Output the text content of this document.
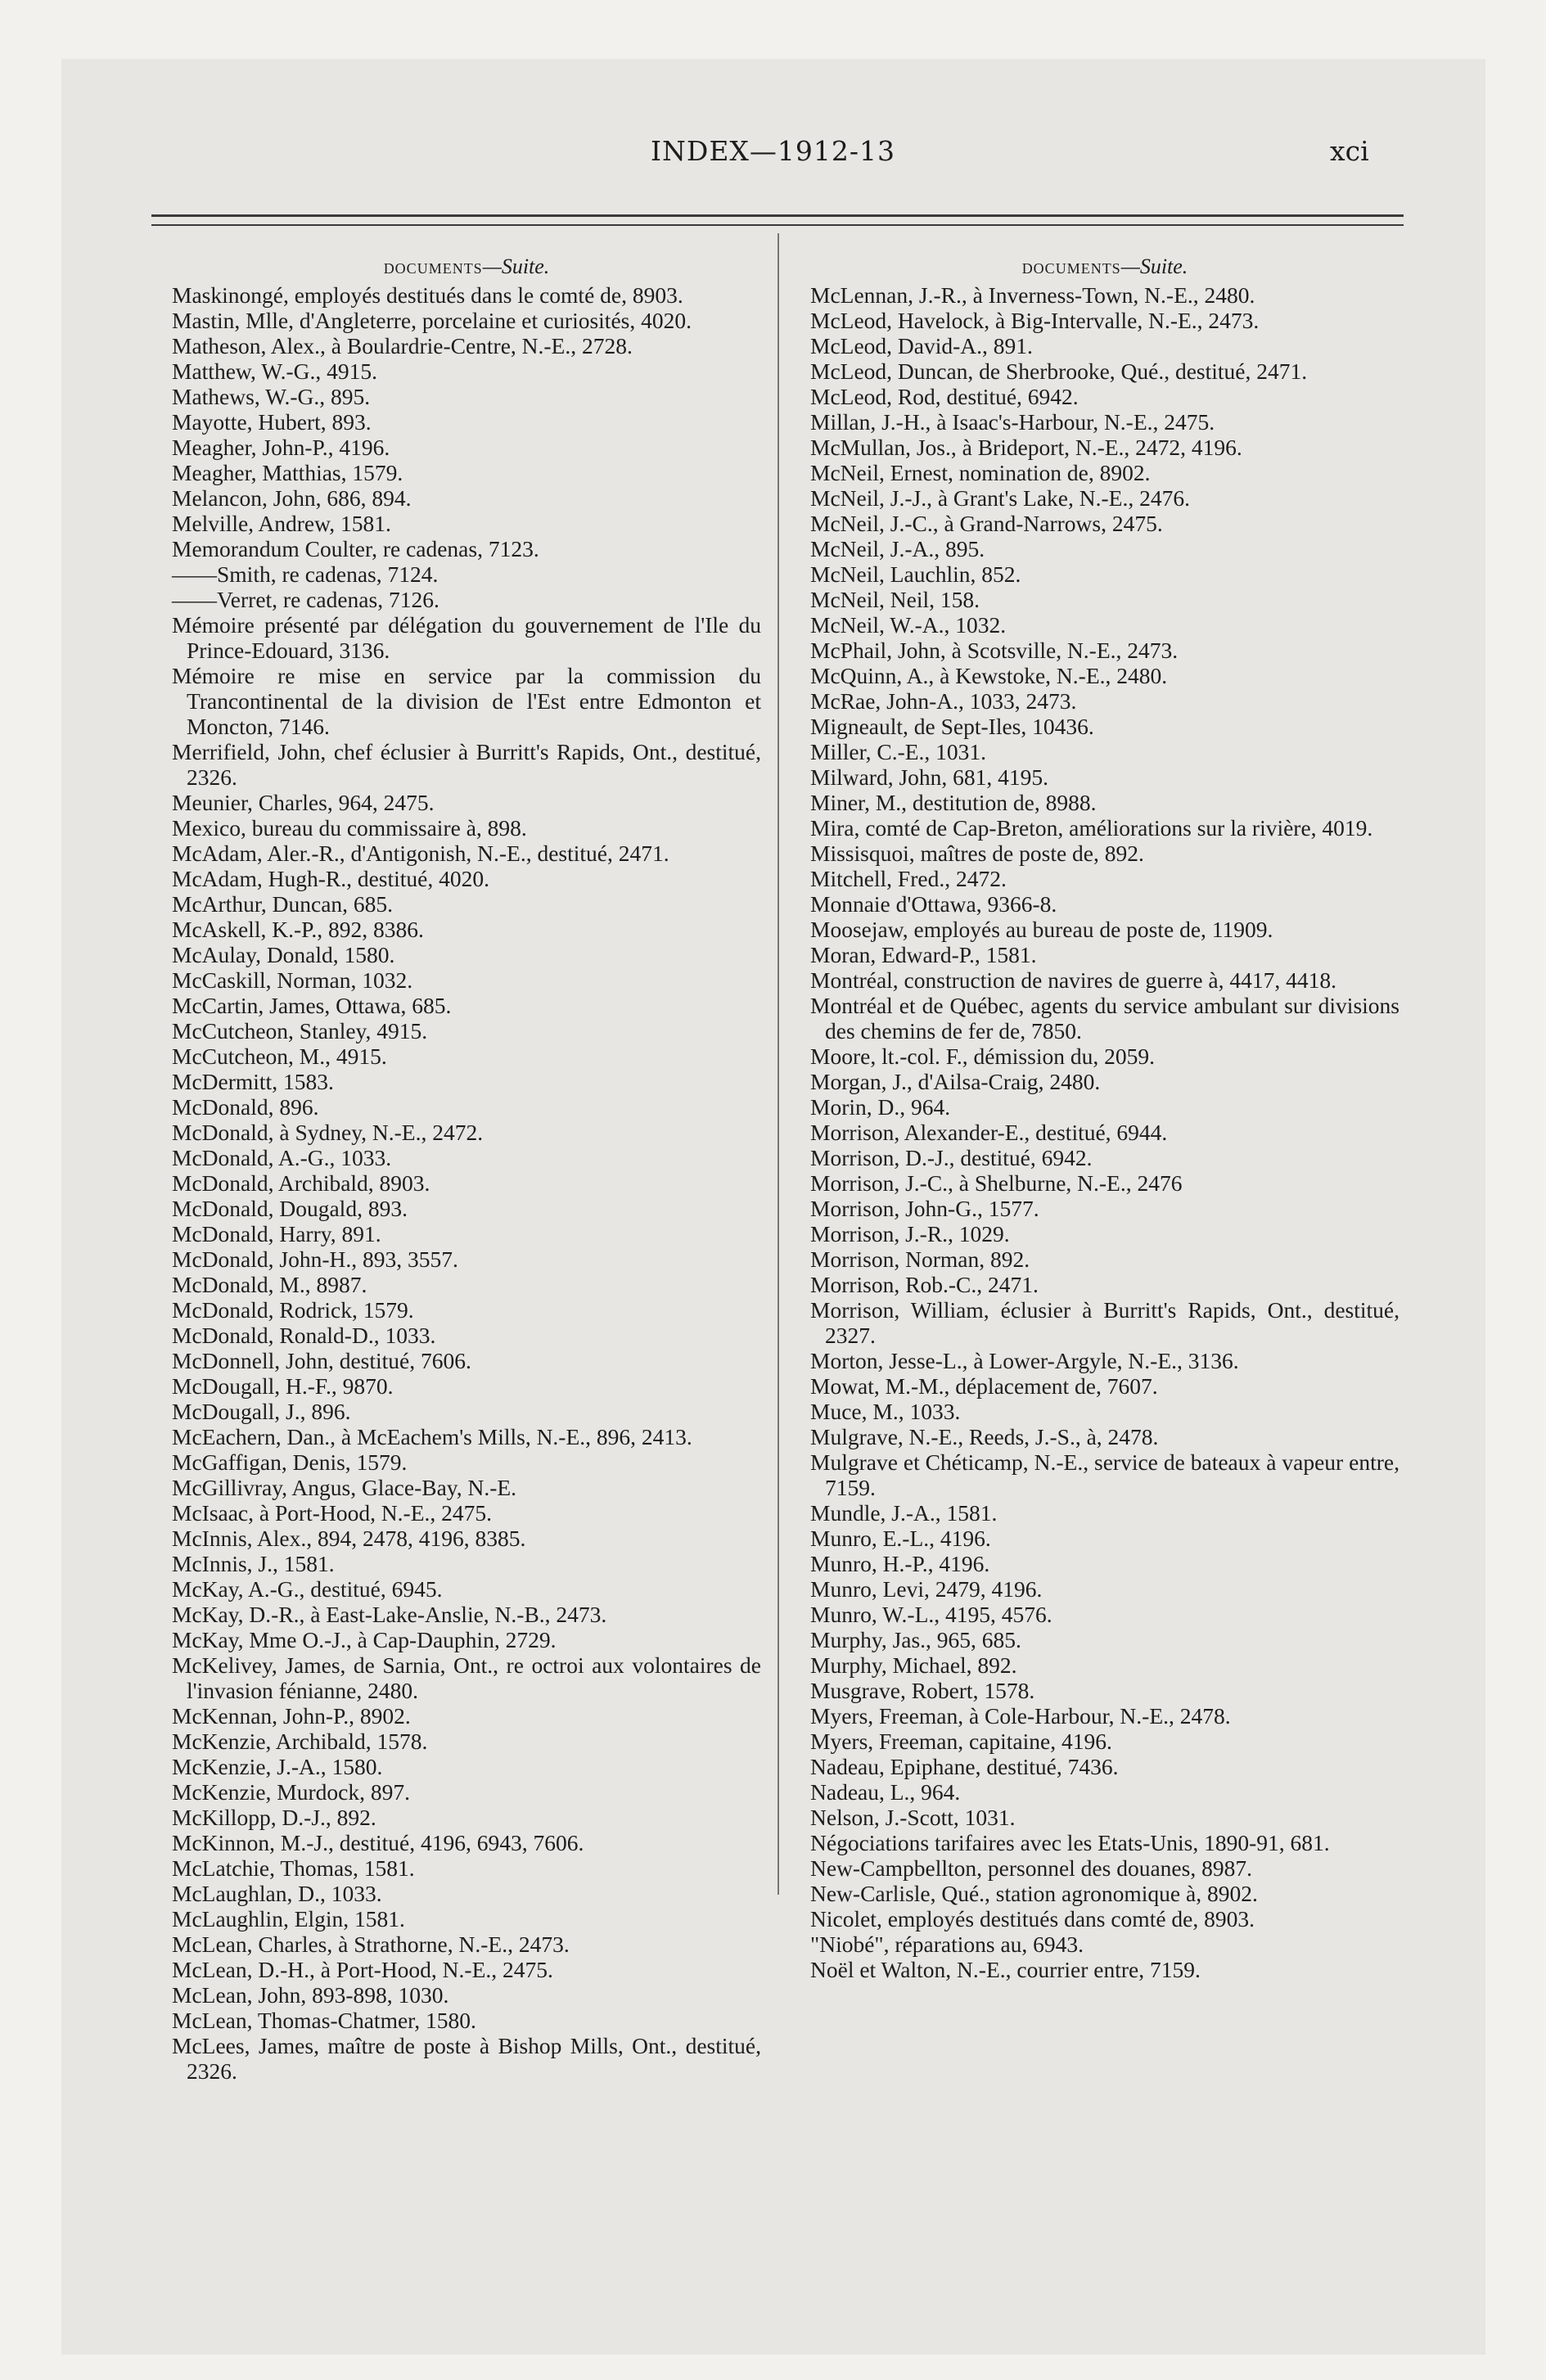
INDEX—1912-13	xci
DOCUMENTS—Suite.

Maskinongé, employés destitués dans le comté de, 8903.

Mastin, Mlle, d'Angleterre, porcelaine et curiosités, 4020.

Matheson, Alex., à Boulardrie-Centre, N.-E., 2728.

Matthew, W.-G., 4915.

Mathews, W.-G., 895.

Mayotte, Hubert, 893.

Meagher, John-P., 4196.

Meagher, Matthias, 1579.

Melancon, John, 686, 894.

Melville, Andrew, 1581.

Memorandum Coulter, re cadenas, 7123.

——Smith, re cadenas, 7124.

——Verret, re cadenas, 7126.

Mémoire présenté par délégation du gouvernement de l'Ile du Prince-Edouard, 3136.

Mémoire re mise en service par la commission du Trancontinental de la division de l'Est entre Edmonton et Moncton, 7146.

Merrifield, John, chef éclusier à Burritt's Rapids, Ont., destitué, 2326.

Meunier, Charles, 964, 2475.

Mexico, bureau du commissaire à, 898.

McAdam, Aler.-R., d'Antigonish, N.-E., destitué, 2471.

McAdam, Hugh-R., destitué, 4020.

McArthur, Duncan, 685.

McAskell, K.-P., 892, 8386.

McAulay, Donald, 1580.

McCaskill, Norman, 1032.

McCartin, James, Ottawa, 685.

McCutcheon, Stanley, 4915.

McCutcheon, M., 4915.

McDermitt, 1583.

McDonald, 896.

McDonald, à Sydney, N.-E., 2472.

McDonald, A.-G., 1033.

McDonald, Archibald, 8903.

McDonald, Dougald, 893.

McDonald, Harry, 891.

McDonald, John-H., 893, 3557.

McDonald, M., 8987.

McDonald, Rodrick, 1579.

McDonald, Ronald-D., 1033.

McDonnell, John, destitué, 7606.

McDougall, H.-F., 9870.

McDougall, J., 896.

McEachern, Dan., à McEachem's Mills, N.-E., 896, 2413.

McGaffigan, Denis, 1579.

McGillivray, Angus, Glace-Bay, N.-E.

McIsaac, à Port-Hood, N.-E., 2475.

McInnis, Alex., 894, 2478, 4196, 8385.

McInnis, J., 1581.

McKay, A.-G., destitué, 6945.

McKay, D.-R., à East-Lake-Anslie, N.-B., 2473.

McKay, Mme O.-J., à Cap-Dauphin, 2729.

McKelivey, James, de Sarnia, Ont., re octroi aux volontaires de l'invasion fénianne, 2480.

McKennan, John-P., 8902.

McKenzie, Archibald, 1578.

McKenzie, J.-A., 1580.

McKenzie, Murdock, 897.

McKillopp, D.-J., 892.

McKinnon, M.-J., destitué, 4196, 6943, 7606.

McLatchie, Thomas, 1581.

McLaughlan, D., 1033.

McLaughlin, Elgin, 1581.

McLean, Charles, à Strathorne, N.-E., 2473.

McLean, D.-H., à Port-Hood, N.-E., 2475.

McLean, John, 893-898, 1030.

McLean, Thomas-Chatmer, 1580.

McLees, James, maître de poste à Bishop Mills, Ont., destitué, 2326.

DOCUMENTS—Suite.

McLennan, J.-R., à Inverness-Town, N.-E., 2480.

McLeod, Havelock, à Big-Intervalle, N.-E., 2473.

McLeod, David-A., 891.

McLeod, Duncan, de Sherbrooke, Qué., destitué, 2471.

McLeod, Rod, destitué, 6942.

Millan, J.-H., à Isaac's-Harbour, N.-E., 2475.

McMullan, Jos., à Brideport, N.-E., 2472, 4196.

McNeil, Ernest, nomination de, 8902.

McNeil, J.-J., à Grant's Lake, N.-E., 2476.

McNeil, J.-C., à Grand-Narrows, 2475.

McNeil, J.-A., 895.

McNeil, Lauchlin, 852.

McNeil, Neil, 158.

McNeil, W.-A., 1032.

McPhail, John, à Scotsville, N.-E., 2473.

McQuinn, A., à Kewstoke, N.-E., 2480.

McRae, John-A., 1033, 2473.

Migneault, de Sept-Iles, 10436.

Miller, C.-E., 1031.

Milward, John, 681, 4195.

Miner, M., destitution de, 8988.

Mira, comté de Cap-Breton, améliorations sur la rivière, 4019.

Missisquoi, maîtres de poste de, 892.

Mitchell, Fred., 2472.

Monnaie d'Ottawa, 9366-8.

Moosejaw, employés au bureau de poste de, 11909.

Moran, Edward-P., 1581.

Montréal, construction de navires de guerre à, 4417, 4418.

Montréal et de Québec, agents du service ambulant sur divisions des chemins de fer de, 7850.

Moore, lt.-col. F., démission du, 2059.

Morgan, J., d'Ailsa-Craig, 2480.

Morin, D., 964.

Morrison, Alexander-E., destitué, 6944.

Morrison, D.-J., destitué, 6942.

Morrison, J.-C., à Shelburne, N.-E., 2476

Morrison, John-G., 1577.

Morrison, J.-R., 1029.

Morrison, Norman, 892.

Morrison, Rob.-C., 2471.

Morrison, William, éclusier à Burritt's Rapids, Ont., destitué, 2327.

Morton, Jesse-L., à Lower-Argyle, N.-E., 3136.

Mowat, M.-M., déplacement de, 7607.

Muce, M., 1033.

Mulgrave, N.-E., Reeds, J.-S., à, 2478.

Mulgrave et Chéticamp, N.-E., service de bateaux à vapeur entre, 7159.

Mundle, J.-A., 1581.

Munro, E.-L., 4196.

Munro, H.-P., 4196.

Munro, Levi, 2479, 4196.

Munro, W.-L., 4195, 4576.

Murphy, Jas., 965, 685.

Murphy, Michael, 892.

Musgrave, Robert, 1578.

Myers, Freeman, à Cole-Harbour, N.-E., 2478.

Myers, Freeman, capitaine, 4196.

Nadeau, Epiphane, destitué, 7436.

Nadeau, L., 964.

Nelson, J.-Scott, 1031.

Négociations tarifaires avec les Etats-Unis, 1890-91, 681.

New-Campbellton, personnel des douanes, 8987.

New-Carlisle, Qué., station agronomique à, 8902.

Nicolet, employés destitués dans comté de, 8903.

"Niobé", réparations au, 6943.

Noël et Walton, N.-E., courrier entre, 7159.
